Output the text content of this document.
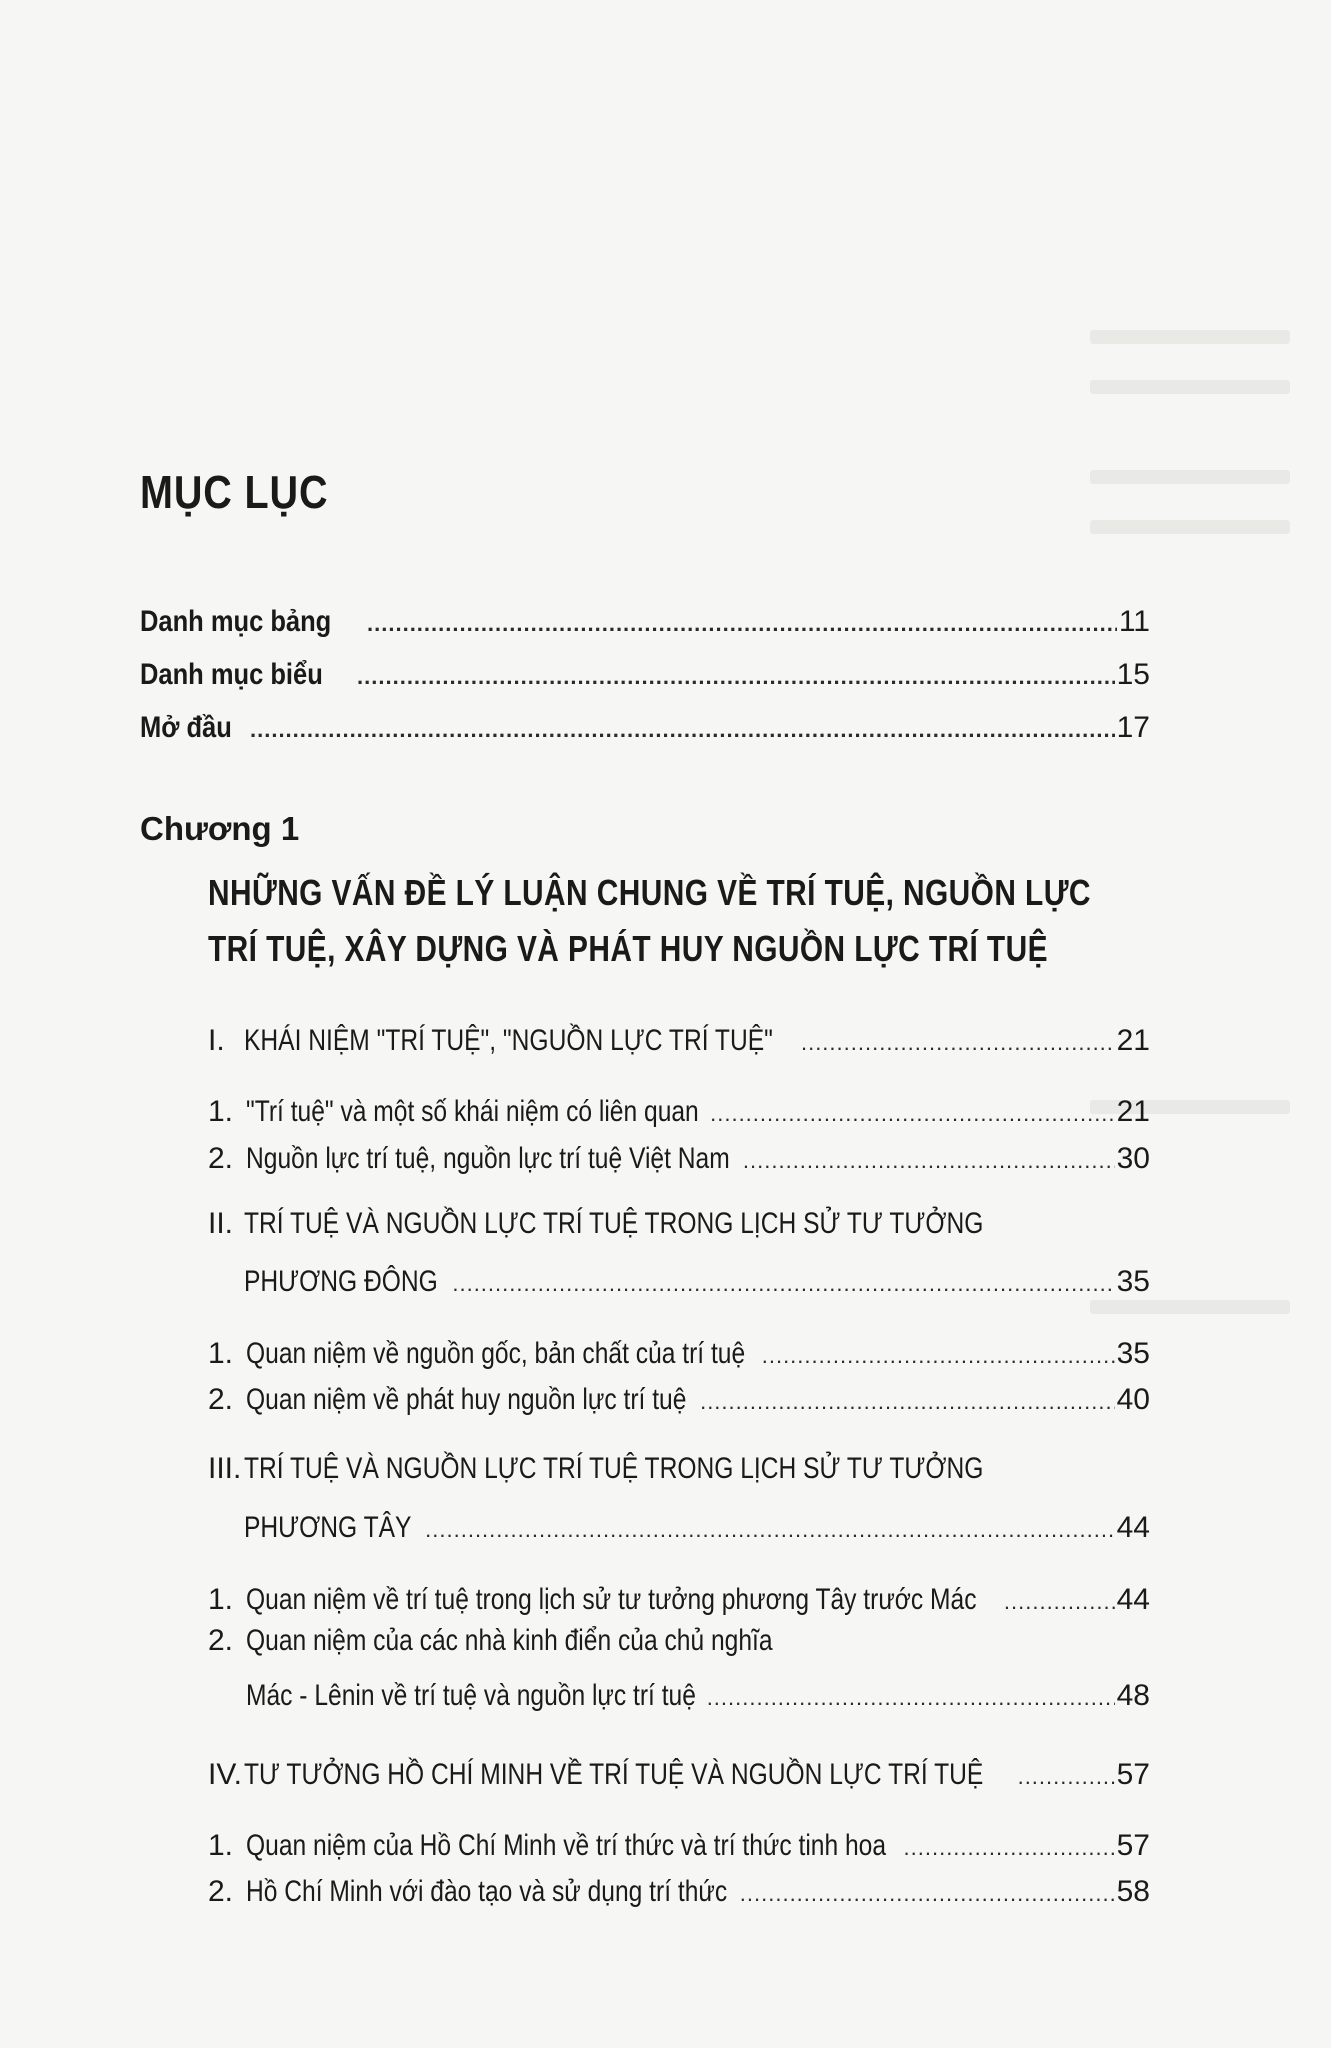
MỤC LỤC
Danh mục bảng .....	11
Danh mục biểu .....	15
Mở đầu .....	17
Chương 1
NHỮNG VẤN ĐỀ LÝ LUẬN CHUNG VỀ TRÍ TUỆ, NGUỒN LỰC
TRÍ TUỆ, XÂY DỰNG VÀ PHÁT HUY NGUỒN LỰC TRÍ TUỆ
I. KHÁI NIỆM "TRÍ TUỆ", "NGUỒN LỰC TRÍ TUỆ" .....	21
1. "Trí tuệ" và một số khái niệm có liên quan .....	21
2. Nguồn lực trí tuệ, nguồn lực trí tuệ Việt Nam .....	30
II. TRÍ TUỆ VÀ NGUỒN LỰC TRÍ TUỆ TRONG LỊCH SỬ TƯ TƯỞNG
PHƯƠNG ĐÔNG .....	35
1. Quan niệm về nguồn gốc, bản chất của trí tuệ .....	35
2. Quan niệm về phát huy nguồn lực trí tuệ .....	40
III.TRÍ TUỆ VÀ NGUỒN LỰC TRÍ TUỆ TRONG LỊCH SỬ TƯ TƯỞNG
PHƯƠNG TÂY .....	44
1. Quan niệm về trí tuệ trong lịch sử tư tưởng phương Tây trước Mác .....	44
2. Quan niệm của các nhà kinh điển của chủ nghĩa
Mác - Lênin về trí tuệ và nguồn lực trí tuệ .....	48
IV. TƯ TƯỞNG HỒ CHÍ MINH VỀ TRÍ TUỆ VÀ NGUỒN LỰC TRÍ TUỆ .....	57
1. Quan niệm của Hồ Chí Minh về trí thức và trí thức tinh hoa .....	57
2. Hồ Chí Minh với đào tạo và sử dụng trí thức .....	58
